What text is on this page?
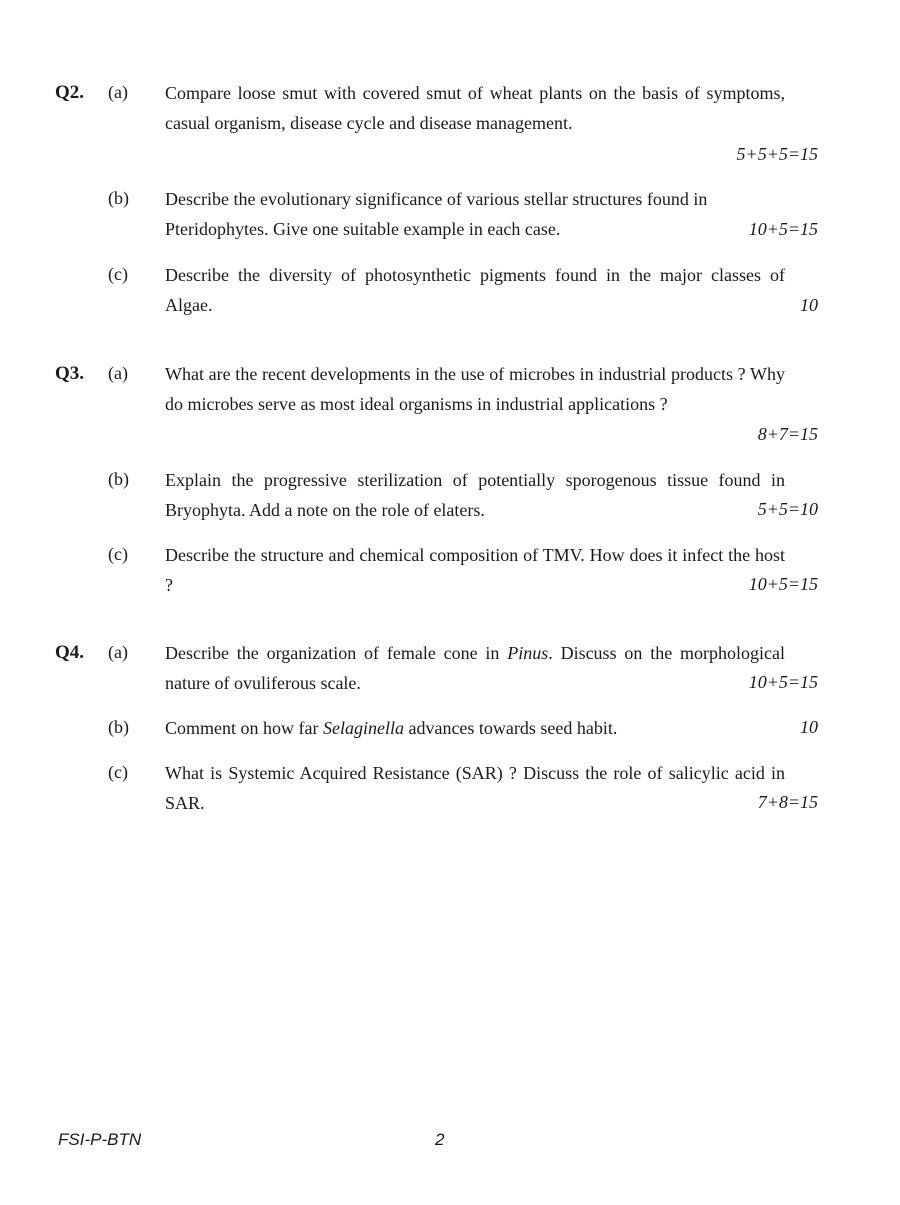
Q2. (a) Compare loose smut with covered smut of wheat plants on the basis of symptoms, casual organism, disease cycle and disease management.
5+5+5=15
(b) Describe the evolutionary significance of various stellar structures found in Pteridophytes. Give one suitable example in each case.	10+5=15
(c) Describe the diversity of photosynthetic pigments found in the major classes of Algae.	10
Q3. (a) What are the recent developments in the use of microbes in industrial products ? Why do microbes serve as most ideal organisms in industrial applications ?
8+7=15
(b) Explain the progressive sterilization of potentially sporogenous tissue found in Bryophyta. Add a note on the role of elaters.	5+5=10
(c) Describe the structure and chemical composition of TMV. How does it infect the host ?	10+5=15
Q4. (a) Describe the organization of female cone in Pinus. Discuss on the morphological nature of ovuliferous scale.	10+5=15
(b) Comment on how far Selaginella advances towards seed habit.	10
(c) What is Systemic Acquired Resistance (SAR) ? Discuss the role of salicylic acid in SAR.	7+8=15
FSI-P-BTN	2
